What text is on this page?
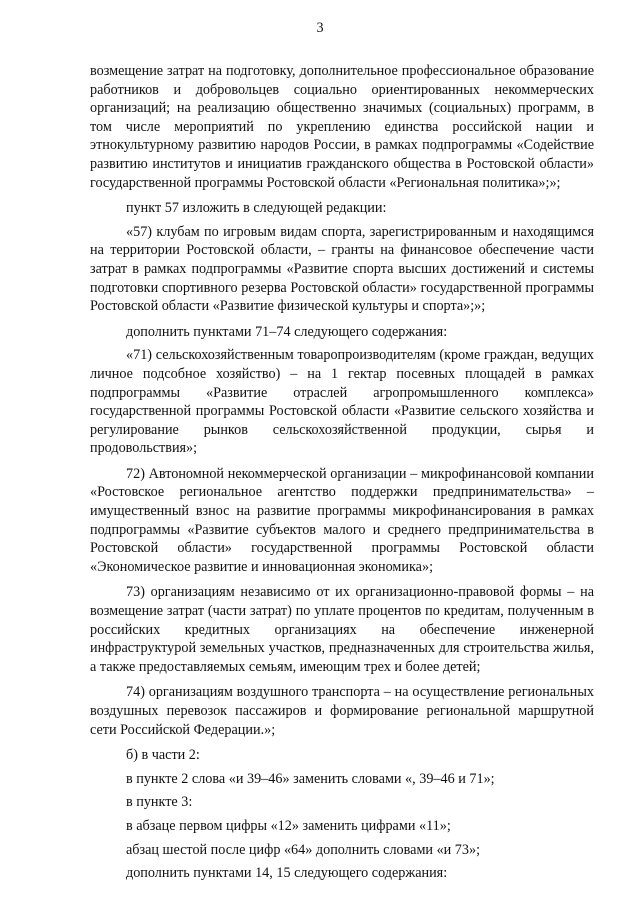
3

возмещение затрат на подготовку, дополнительное профессиональное образование работников и добровольцев социально ориентированных некоммерческих организаций; на реализацию общественно значимых (социальных) программ, в том числе мероприятий по укреплению единства российской нации и этнокультурному развитию народов России, в рамках подпрограммы «Содействие развитию институтов и инициатив гражданского общества в Ростовской области» государственной программы Ростовской области «Региональная политика»;»;

пункт 57 изложить в следующей редакции:

«57) клубам по игровым видам спорта, зарегистрированным и находящимся на территории Ростовской области, – гранты на финансовое обеспечение части затрат в рамках подпрограммы «Развитие спорта высших достижений и системы подготовки спортивного резерва Ростовской области» государственной программы Ростовской области «Развитие физической культуры и спорта»;»;

дополнить пунктами 71–74 следующего содержания:

«71) сельскохозяйственным товаропроизводителям (кроме граждан, ведущих личное подсобное хозяйство) – на 1 гектар посевных площадей в рамках подпрограммы «Развитие отраслей агропромышленного комплекса» государственной программы Ростовской области «Развитие сельского хозяйства и регулирование рынков сельскохозяйственной продукции, сырья и продовольствия»;

72) Автономной некоммерческой организации – микрофинансовой компании «Ростовское региональное агентство поддержки предпринимательства» – имущественный взнос на развитие программы микрофинансирования в рамках подпрограммы «Развитие субъектов малого и среднего предпринимательства в Ростовской области» государственной программы Ростовской области «Экономическое развитие и инновационная экономика»;

73) организациям независимо от их организационно-правовой формы – на возмещение затрат (части затрат) по уплате процентов по кредитам, полученным в российских кредитных организациях на обеспечение инженерной инфраструктурой земельных участков, предназначенных для строительства жилья, а также предоставляемых семьям, имеющим трех и более детей;

74) организациям воздушного транспорта – на осуществление региональных воздушных перевозок пассажиров и формирование региональной маршрутной сети Российской Федерации.»;

б) в части 2:

в пункте 2 слова «и 39–46» заменить словами «, 39–46 и 71»;

в пункте 3:

в абзаце первом цифры «12» заменить цифрами «11»;

абзац шестой после цифр «64» дополнить словами «и 73»;

дополнить пунктами 14, 15 следующего содержания:
